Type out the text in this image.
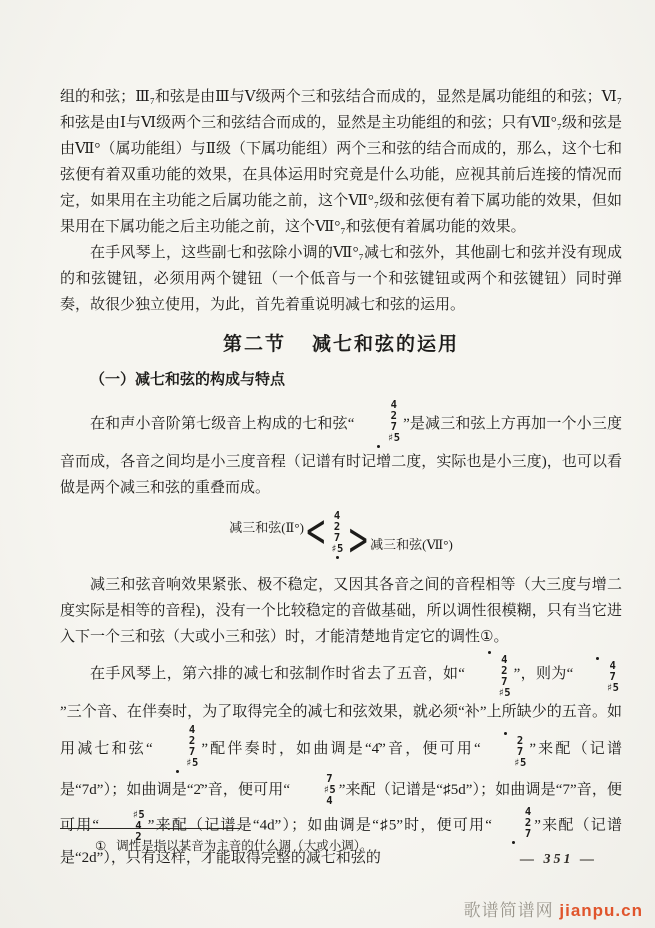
组的和弦；Ⅲ₇和弦是由Ⅲ与Ⅴ级两个三和弦结合而成的，显然是属功能组的和弦；Ⅵ₇和弦是由Ⅰ与Ⅵ级两个三和弦结合而成的，显然是主功能组的和弦；只有Ⅶ°₇级和弦是由Ⅶ°（属功能组）与Ⅱ级（下属功能组）两个三和弦的结合而成的，那么，这个七和弦便有着双重功能的效果，在具体运用时究竟是什么功能，应视其前后连接的情况而定，如果用在主功能之后属功能之前，这个Ⅶ°₇级和弦便有着下属功能的效果，但如果用在下属功能之后主功能之前，这个Ⅶ°₇和弦便有着属功能的效果。

在手风琴上，这些副七和弦除小调的Ⅶ°₇减七和弦外，其他副七和弦并没有现成的和弦键钮，必须用两个键钮（一个低音与一个和弦键钮或两个和弦键钮）同时弹奏，故很少独立使用，为此，首先着重说明减七和弦的运用。

第二节 减七和弦的运用
（一）减七和弦的构成与特点

在和声小音阶第七级音上构成的七和弦“
4
2
7
♯5
”是减三和弦上方再加一个小三度音而成，各音之间均是小三度音程（记谱有时记增二度，实际也是小三度)，也可以看做是两个减三和弦的重叠而成。

减三和弦(Ⅱ°) < 4
2
7
♯5 > 减三和弦(Ⅶ°)

减三和弦音响效果紧张、极不稳定，又因其各音之间的音程相等（大三度与增二度实际是相等的音程)，没有一个比较稳定的音做基础，所以调性很模糊，只有当它进入下一个三和弦（大或小三和弦）时，才能清楚地肯定它的调性①。

在手风琴上，第六排的减七和弦制作时省去了五音，如“
4
2
7
♯5
”，则为“
4
7
♯5
”三个音、在伴奏时，为了取得完全的减七和弦效果，就必须“补”上所缺少的五音。如用减七和弦“
4
2
7
♯5
”配伴奏时，如曲调是“4̇”音，便可用“
2
7
♯5
”来配（记谱是“7d”）；如曲调是“2̇”音，便可用“
7
♯5
4
”来配（记谱是“♯5d”）；如曲调是“7”音，便可用“
♯5
4
2
”来配（记谱是“4d”）；如曲调是“♯5”时，便可用“
4
2
7
”来配（记谱是“2d”），只有这样，才能取得完整的减七和弦的

① 调性是指以某音为主音的什么调（大或小调）。
— 351 —
歌谱简谱网 jianpu.cn
